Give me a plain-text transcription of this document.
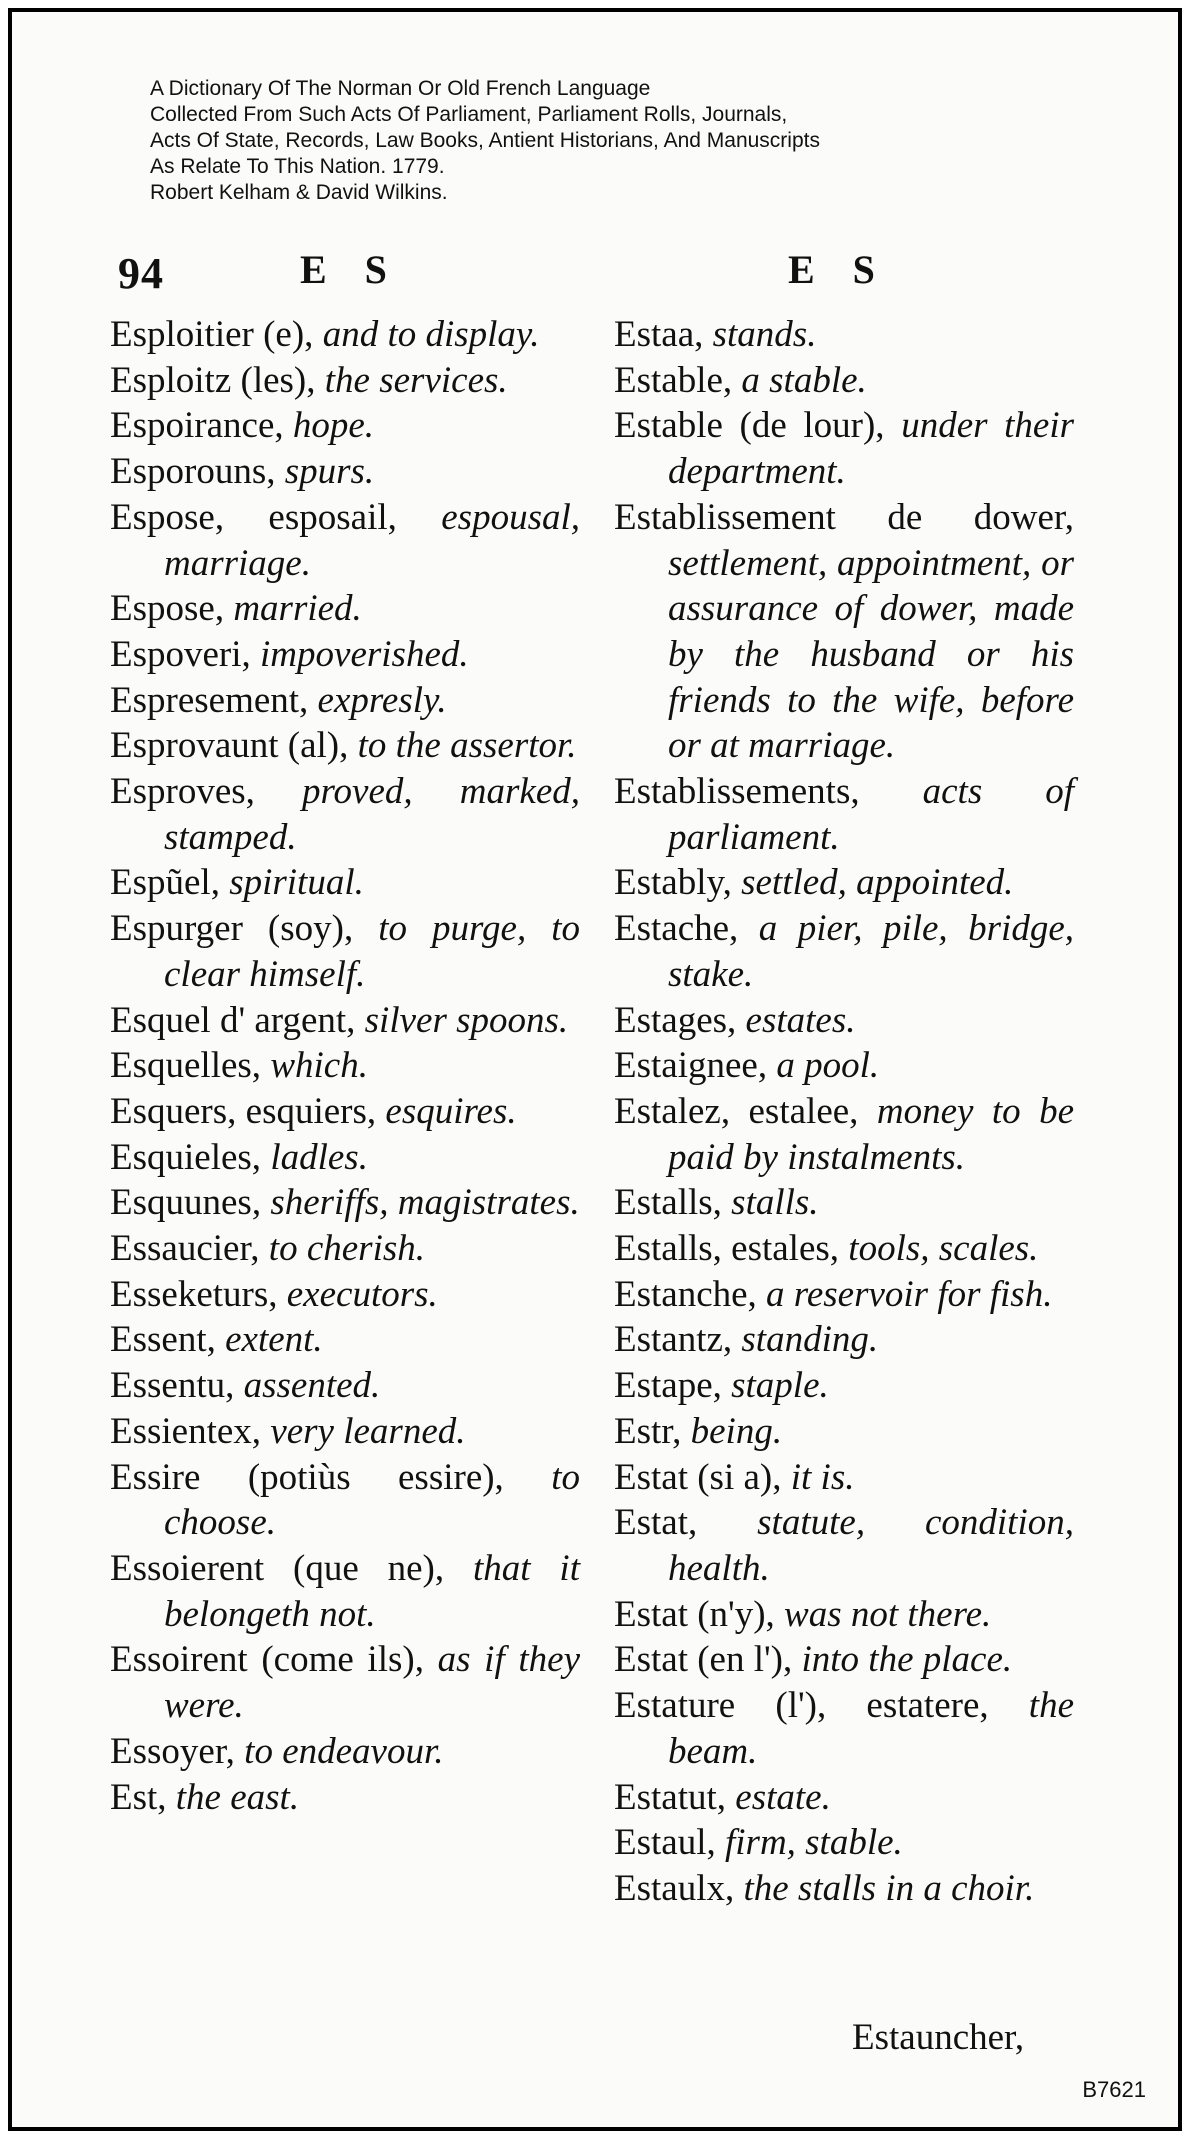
A Dictionary Of The Norman Or Old French Language
Collected From Such Acts Of Parliament, Parliament Rolls, Journals,
Acts Of State, Records, Law Books, Antient Historians, And Manuscripts
As Relate To This Nation. 1779.
Robert Kelham & David Wilkins.
94	E S	E S
Esploitier (e), and to display.
Esploitz (les), the services.
Espoirance, hope.
Esporouns, spurs.
Espose, esposail, espousal, marriage.
Espose, married.
Espoveri, impoverished.
Espresement, expresly.
Esprovaunt (al), to the assertor.
Esproves, proved, marked, stamped.
Espũel, spiritual.
Espurger (soy), to purge, to clear himself.
Esquel d' argent, silver spoons.
Esquelles, which.
Esquers, esquiers, esquires.
Esquieles, ladles.
Esquunes, sheriffs, magistrates.
Essaucier, to cherish.
Esseketurs, executors.
Essent, extent.
Essentu, assented.
Essientex, very learned.
Essire (potiùs essire), to choose.
Essoierent (que ne), that it belongeth not.
Essoirent (come ils), as if they were.
Essoyer, to endeavour.
Est, the east.
Estaa, stands.
Estable, a stable.
Estable (de lour), under their department.
Establissement de dower, settlement, appointment, or assurance of dower, made by the husband or his friends to the wife, before or at marriage.
Establissements, acts of parliament.
Estably, settled, appointed.
Estache, a pier, pile, bridge, stake.
Estages, estates.
Estaignee, a pool.
Estalez, estalee, money to be paid by instalments.
Estalls, stalls.
Estalls, estales, tools, scales.
Estanche, a reservoir for fish.
Estantz, standing.
Estape, staple.
Estr, being.
Estat (si a), it is.
Estat, statute, condition, health.
Estat (n'y), was not there.
Estat (en l'), into the place.
Estature (l'), estatere, the beam.
Estatut, estate.
Estaul, firm, stable.
Estaulx, the stalls in a choir.
Estauncher,
B7621
